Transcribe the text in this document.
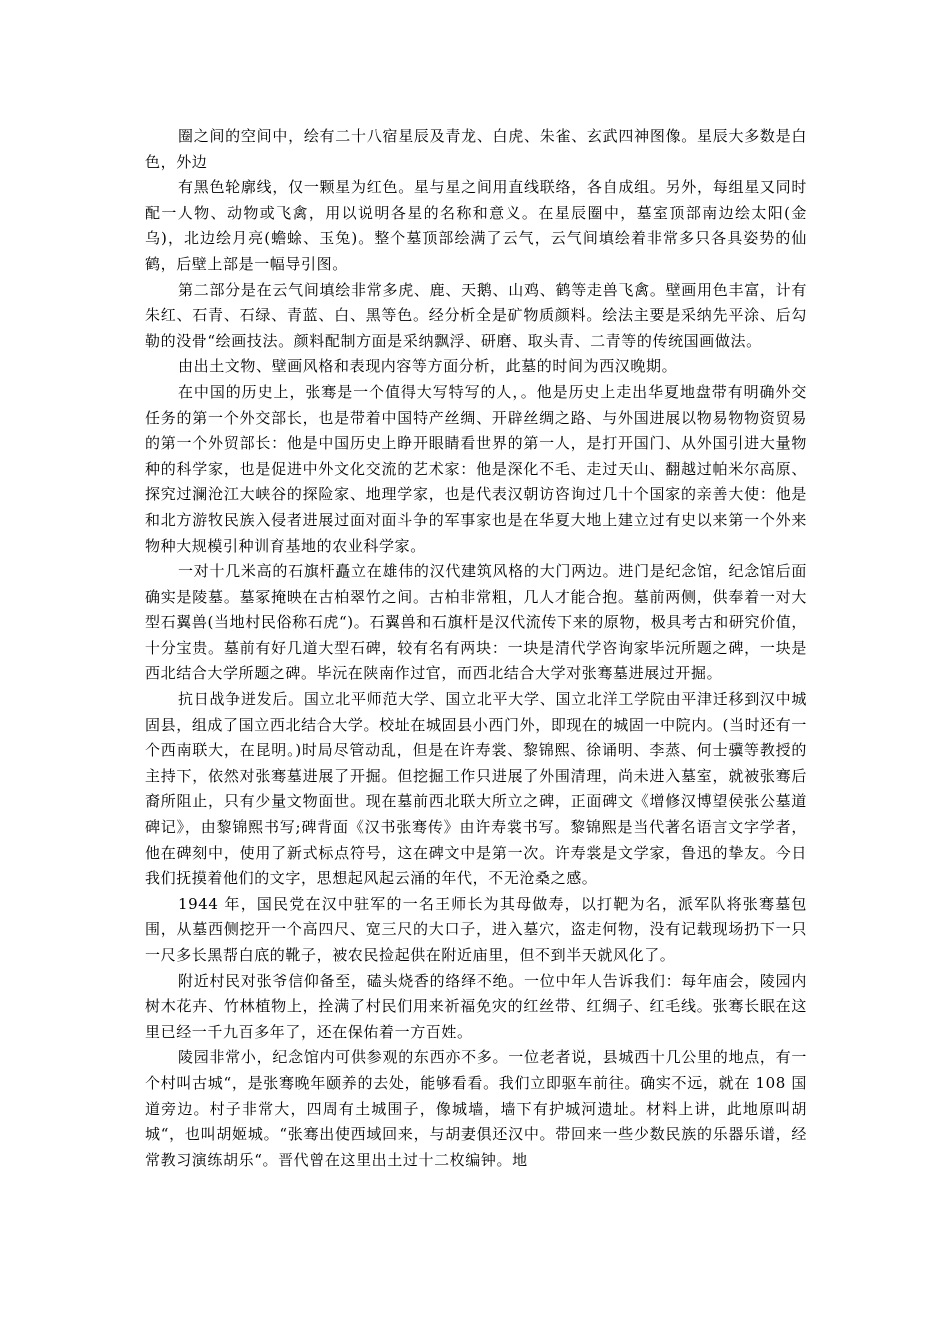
圈之间的空间中，绘有二十八宿星辰及青龙、白虎、朱雀、玄武四神图像。星辰大多数是白色，外边

有黑色轮廓线，仅一颗星为红色。星与星之间用直线联络，各自成组。另外，每组星又同时配一人物、动物或飞禽，用以说明各星的名称和意义。在星辰圈中，墓室顶部南边绘太阳(金乌)，北边绘月亮(蟾蜍、玉兔)。整个墓顶部绘满了云气，云气间填绘着非常多只各具姿势的仙鹤，后壁上部是一幅导引图。

第二部分是在云气间填绘非常多虎、鹿、天鹅、山鸡、鹤等走兽飞禽。壁画用色丰富，计有朱红、石青、石绿、青蓝、白、黑等色。经分析全是矿物质颜料。绘法主要是采纳先平涂、后勾勒的没骨“绘画技法。颜料配制方面是采纳飘浮、研磨、取头青、二青等的传统国画做法。

由出土文物、壁画风格和表现内容等方面分析，此墓的时间为西汉晚期。

在中国的历史上，张骞是一个值得大写特写的人，。他是历史上走出华夏地盘带有明确外交任务的第一个外交部长，也是带着中国特产丝绸、开辟丝绸之路、与外国进展以物易物物资贸易的第一个外贸部长：他是中国历史上睁开眼睛看世界的第一人，是打开国门、从外国引进大量物种的科学家，也是促进中外文化交流的艺术家：他是深化不毛、走过天山、翻越过帕米尔高原、探究过澜沧江大峡谷的探险家、地理学家，也是代表汉朝访咨询过几十个国家的亲善大使：他是和北方游牧民族入侵者进展过面对面斗争的军事家也是在华夏大地上建立过有史以来第一个外来物种大规模引种训育基地的农业科学家。

一对十几米高的石旗杆矗立在雄伟的汉代建筑风格的大门两边。进门是纪念馆，纪念馆后面确实是陵墓。墓冢掩映在古柏翠竹之间。古柏非常粗，几人才能合抱。墓前两侧，供奉着一对大型石翼兽(当地村民俗称石虎“)。石翼兽和石旗杆是汉代流传下来的原物，极具考古和研究价值，十分宝贵。墓前有好几道大型石碑，较有名有两块：一块是清代学咨询家毕沅所题之碑，一块是西北结合大学所题之碑。毕沅在陕南作过官，而西北结合大学对张骞墓进展过开掘。

抗日战争迸发后。国立北平师范大学、国立北平大学、国立北洋工学院由平津迁移到汉中城固县，组成了国立西北结合大学。校址在城固县小西门外，即现在的城固一中院内。(当时还有一个西南联大，在昆明。)时局尽管动乱，但是在许寿裳、黎锦熙、徐诵明、李蒸、何士骥等教授的主持下，依然对张骞墓进展了开掘。但挖掘工作只进展了外围清理，尚未进入墓室，就被张骞后裔所阻止，只有少量文物面世。现在墓前西北联大所立之碑，正面碑文《增修汉博望侯张公墓道碑记》，由黎锦熙书写;碑背面《汉书张骞传》由许寿裳书写。黎锦熙是当代著名语言文字学者，他在碑刻中，使用了新式标点符号，这在碑文中是第一次。许寿裳是文学家，鲁迅的挚友。今日我们抚摸着他们的文字，思想起风起云涌的年代，不无沧桑之感。

1944 年，国民党在汉中驻军的一名王师长为其母做寿，以打靶为名，派军队将张骞墓包围，从墓西侧挖开一个高四尺、宽三尺的大口子，进入墓穴，盗走何物，没有记载现场扔下一只一尺多长黑帮白底的靴子，被农民捡起供在附近庙里，但不到半天就风化了。

附近村民对张爷信仰备至，磕头烧香的络绎不绝。一位中年人告诉我们：每年庙会，陵园内树木花卉、竹林植物上，拴满了村民们用来祈福免灾的红丝带、红绸子、红毛线。张骞长眠在这里已经一千九百多年了，还在保佑着一方百姓。

陵园非常小，纪念馆内可供参观的东西亦不多。一位老者说，县城西十几公里的地点，有一个村叫古城“，是张骞晚年颐养的去处，能够看看。我们立即驱车前往。确实不远，就在 108 国道旁边。村子非常大，四周有土城围子，像城墙，墙下有护城河遗址。材料上讲，此地原叫胡城“，也叫胡姬城。“张骞出使西域回来，与胡妻俱还汉中。带回来一些少数民族的乐器乐谱，经常教习演练胡乐“。晋代曾在这里出土过十二枚编钟。地
